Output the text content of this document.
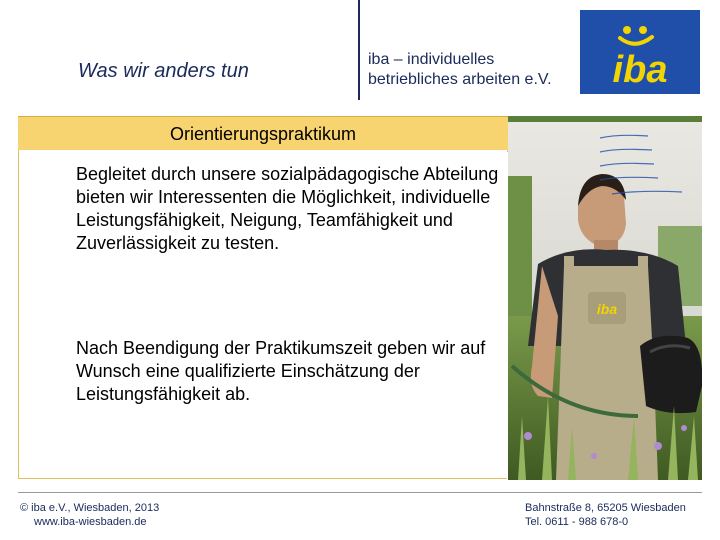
Was wir anders tun
iba – individuelles
betriebliches arbeiten e.V. iba
Orientierungspraktikum
Begleitet durch unsere sozialpädagogische Abteilung bieten wir Interessenten die Möglichkeit, individuelle Leistungsfähigkeit, Neigung, Teamfähigkeit und Zuverlässigkeit zu testen.
Nach Beendigung der Praktikumszeit geben wir auf Wunsch eine qualifizierte Einschätzung der Leistungsfähigkeit ab.
iba
© iba e.V., Wiesbaden, 2013
www.iba-wiesbaden.de
Bahnstraße 8, 65205 Wiesbaden
Tel. 0611 - 988 678-0
